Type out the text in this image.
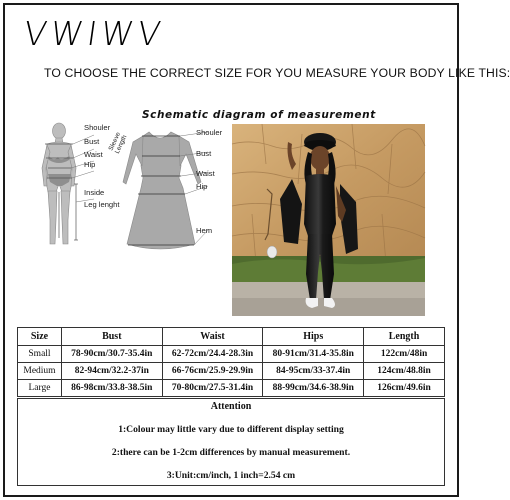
VWIWV
TO CHOOSE THE CORRECT SIZE FOR YOU MEASURE YOUR BODY LIKE THIS:
Schematic diagram of measurement
Shouler
Bust
Waist
Hip
Inside
Leg lenght
Sleeve Length
Shouler
Bust
Waist
Hip
Hem
Size	Bust	Waist	Hips	Length
Small	78-90cm/30.7-35.4in	62-72cm/24.4-28.3in	80-91cm/31.4-35.8in	122cm/48in
Medium	82-94cm/32.2-37in	66-76cm/25.9-29.9in	84-95cm/33-37.4in	124cm/48.8in
Large	86-98cm/33.8-38.5in	70-80cm/27.5-31.4in	88-99cm/34.6-38.9in	126cm/49.6in
Attention
1:Colour may little vary due to different display setting
2:there can be 1-2cm differences by manual measurement.
3:Unit:cm/inch, 1 inch=2.54 cm
